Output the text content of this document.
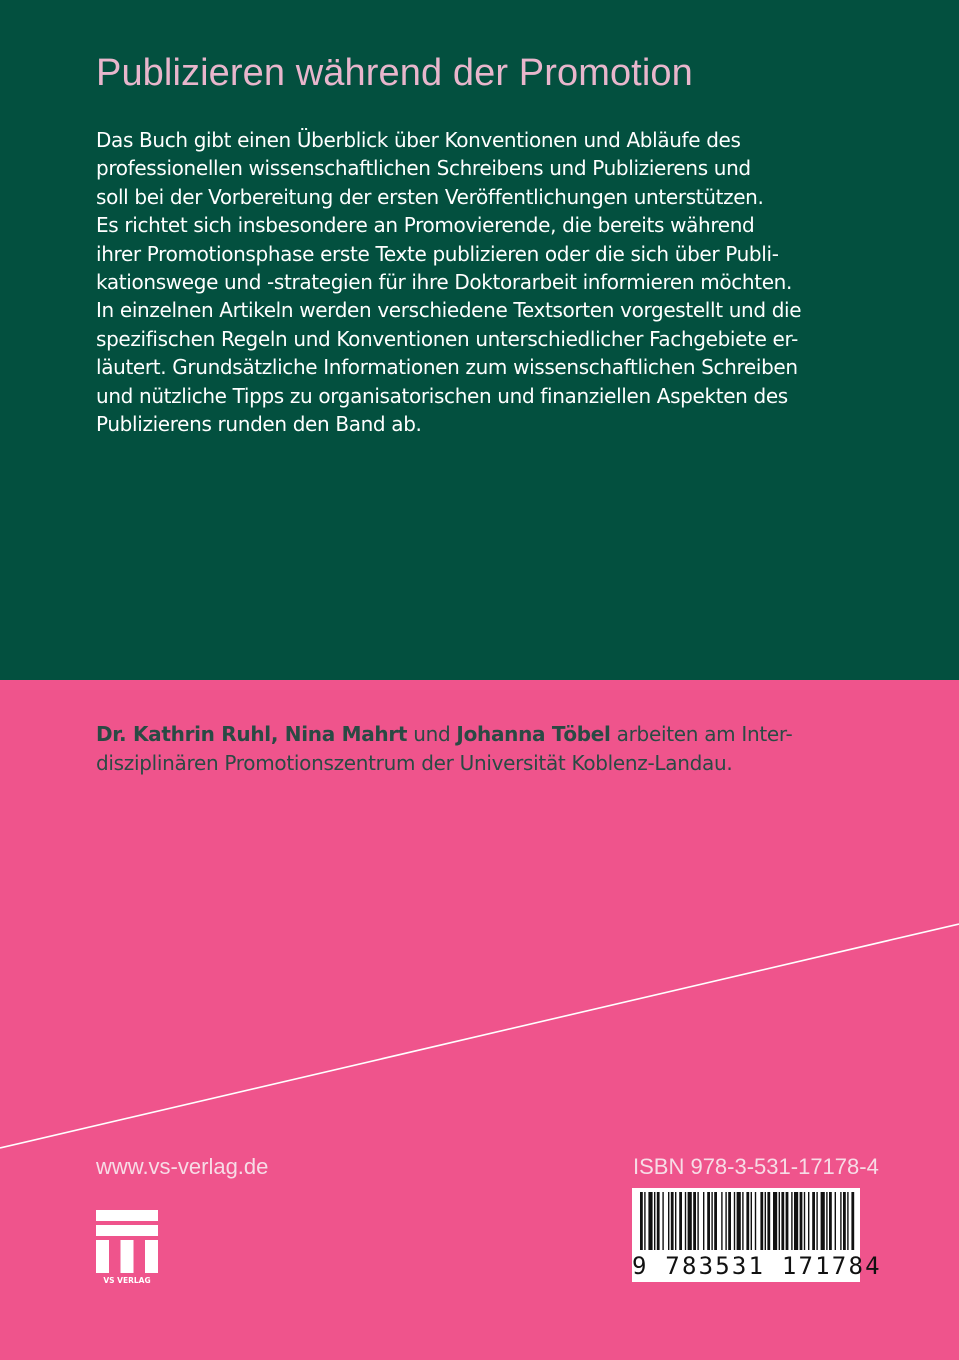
Publizieren während der Promotion
Das Buch gibt einen Überblick über Konventionen und Abläufe des
professionellen wissenschaftlichen Schreibens und Publizierens und
soll bei der Vorbereitung der ersten Veröffentlichungen unterstützen.
Es richtet sich insbesondere an Promovierende, die bereits während
ihrer Promotionsphase erste Texte publizieren oder die sich über Publi-
kationswege und -strategien für ihre Doktorarbeit informieren möchten.
In einzelnen Artikeln werden verschiedene Textsorten vorgestellt und die
spezifischen Regeln und Konventionen unterschiedlicher Fachgebiete er-
läutert. Grundsätzliche Informationen zum wissenschaftlichen Schreiben
und nützliche Tipps zu organisatorischen und finanziellen Aspekten des
Publizierens runden den Band ab.
Dr. Kathrin Ruhl, Nina Mahrt und Johanna Töbel arbeiten am Inter-
disziplinären Promotionszentrum der Universität Koblenz-Landau.
www.vs-verlag.de
VS VERLAG
ISBN 978-3-531-17178-4
9 783531 171784
